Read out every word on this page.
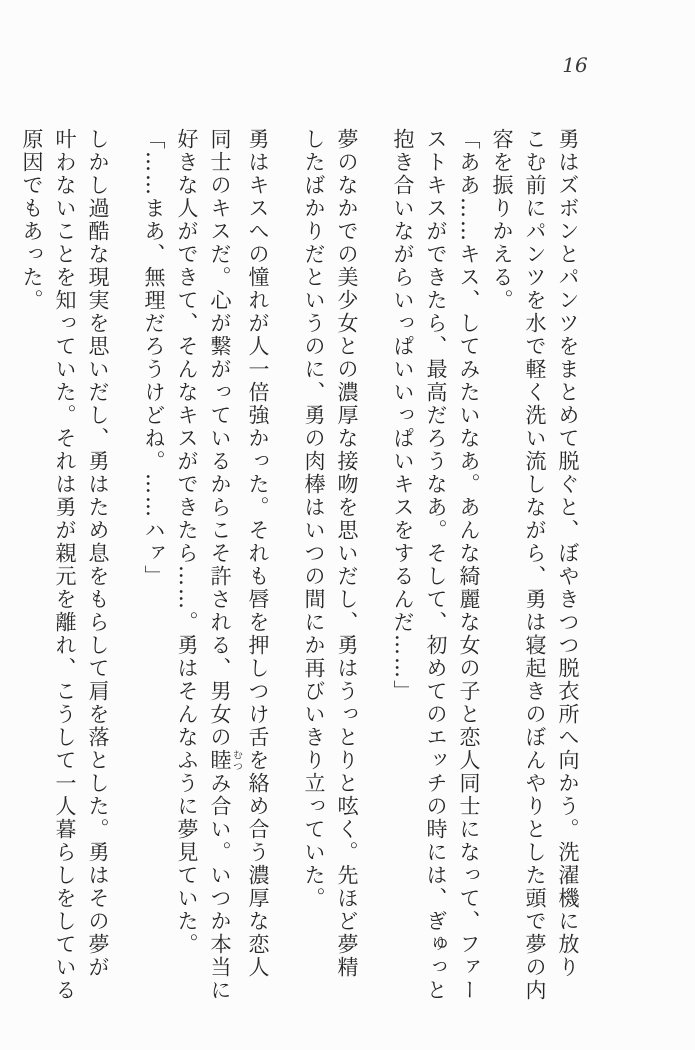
16

勇はズボンとパンツをまとめて脱ぐと、ぼやきつつ脱衣所へ向かう。洗濯機に放り

こむ前にパンツを水で軽く洗い流しながら、勇は寝起きのぼんやりとした頭で夢の内

容を振りかえる。

「ああ……キス、してみたいなあ。あんな綺麗な女の子と恋人同士になって、ファー

ストキスができたら、最高だろうなあ。そして、初めてのエッチの時には、ぎゅっと

抱き合いながらいっぱいいっぱいキスをするんだ……」

夢のなかでの美少女との濃厚な接吻を思いだし、勇はうっとりと呟く。先ほど夢精

したばかりだというのに、勇の肉棒はいつの間にか再びいきり立っていた。

勇はキスへの憧れが人一倍強かった。それも唇を押しつけ舌を絡め合う濃厚な恋人

同士のキスだ。心が繋がっているからこそ許される、男女の睦むつみ合い。いつか本当に

好きな人ができて、そんなキスができたら……。勇はそんなふうに夢見ていた。

「……まあ、無理だろうけどね。……ハァ」

しかし過酷な現実を思いだし、勇はため息をもらして肩を落とした。勇はその夢が

叶わないことを知っていた。それは勇が親元を離れ、こうして一人暮らしをしている

原因でもあった。
